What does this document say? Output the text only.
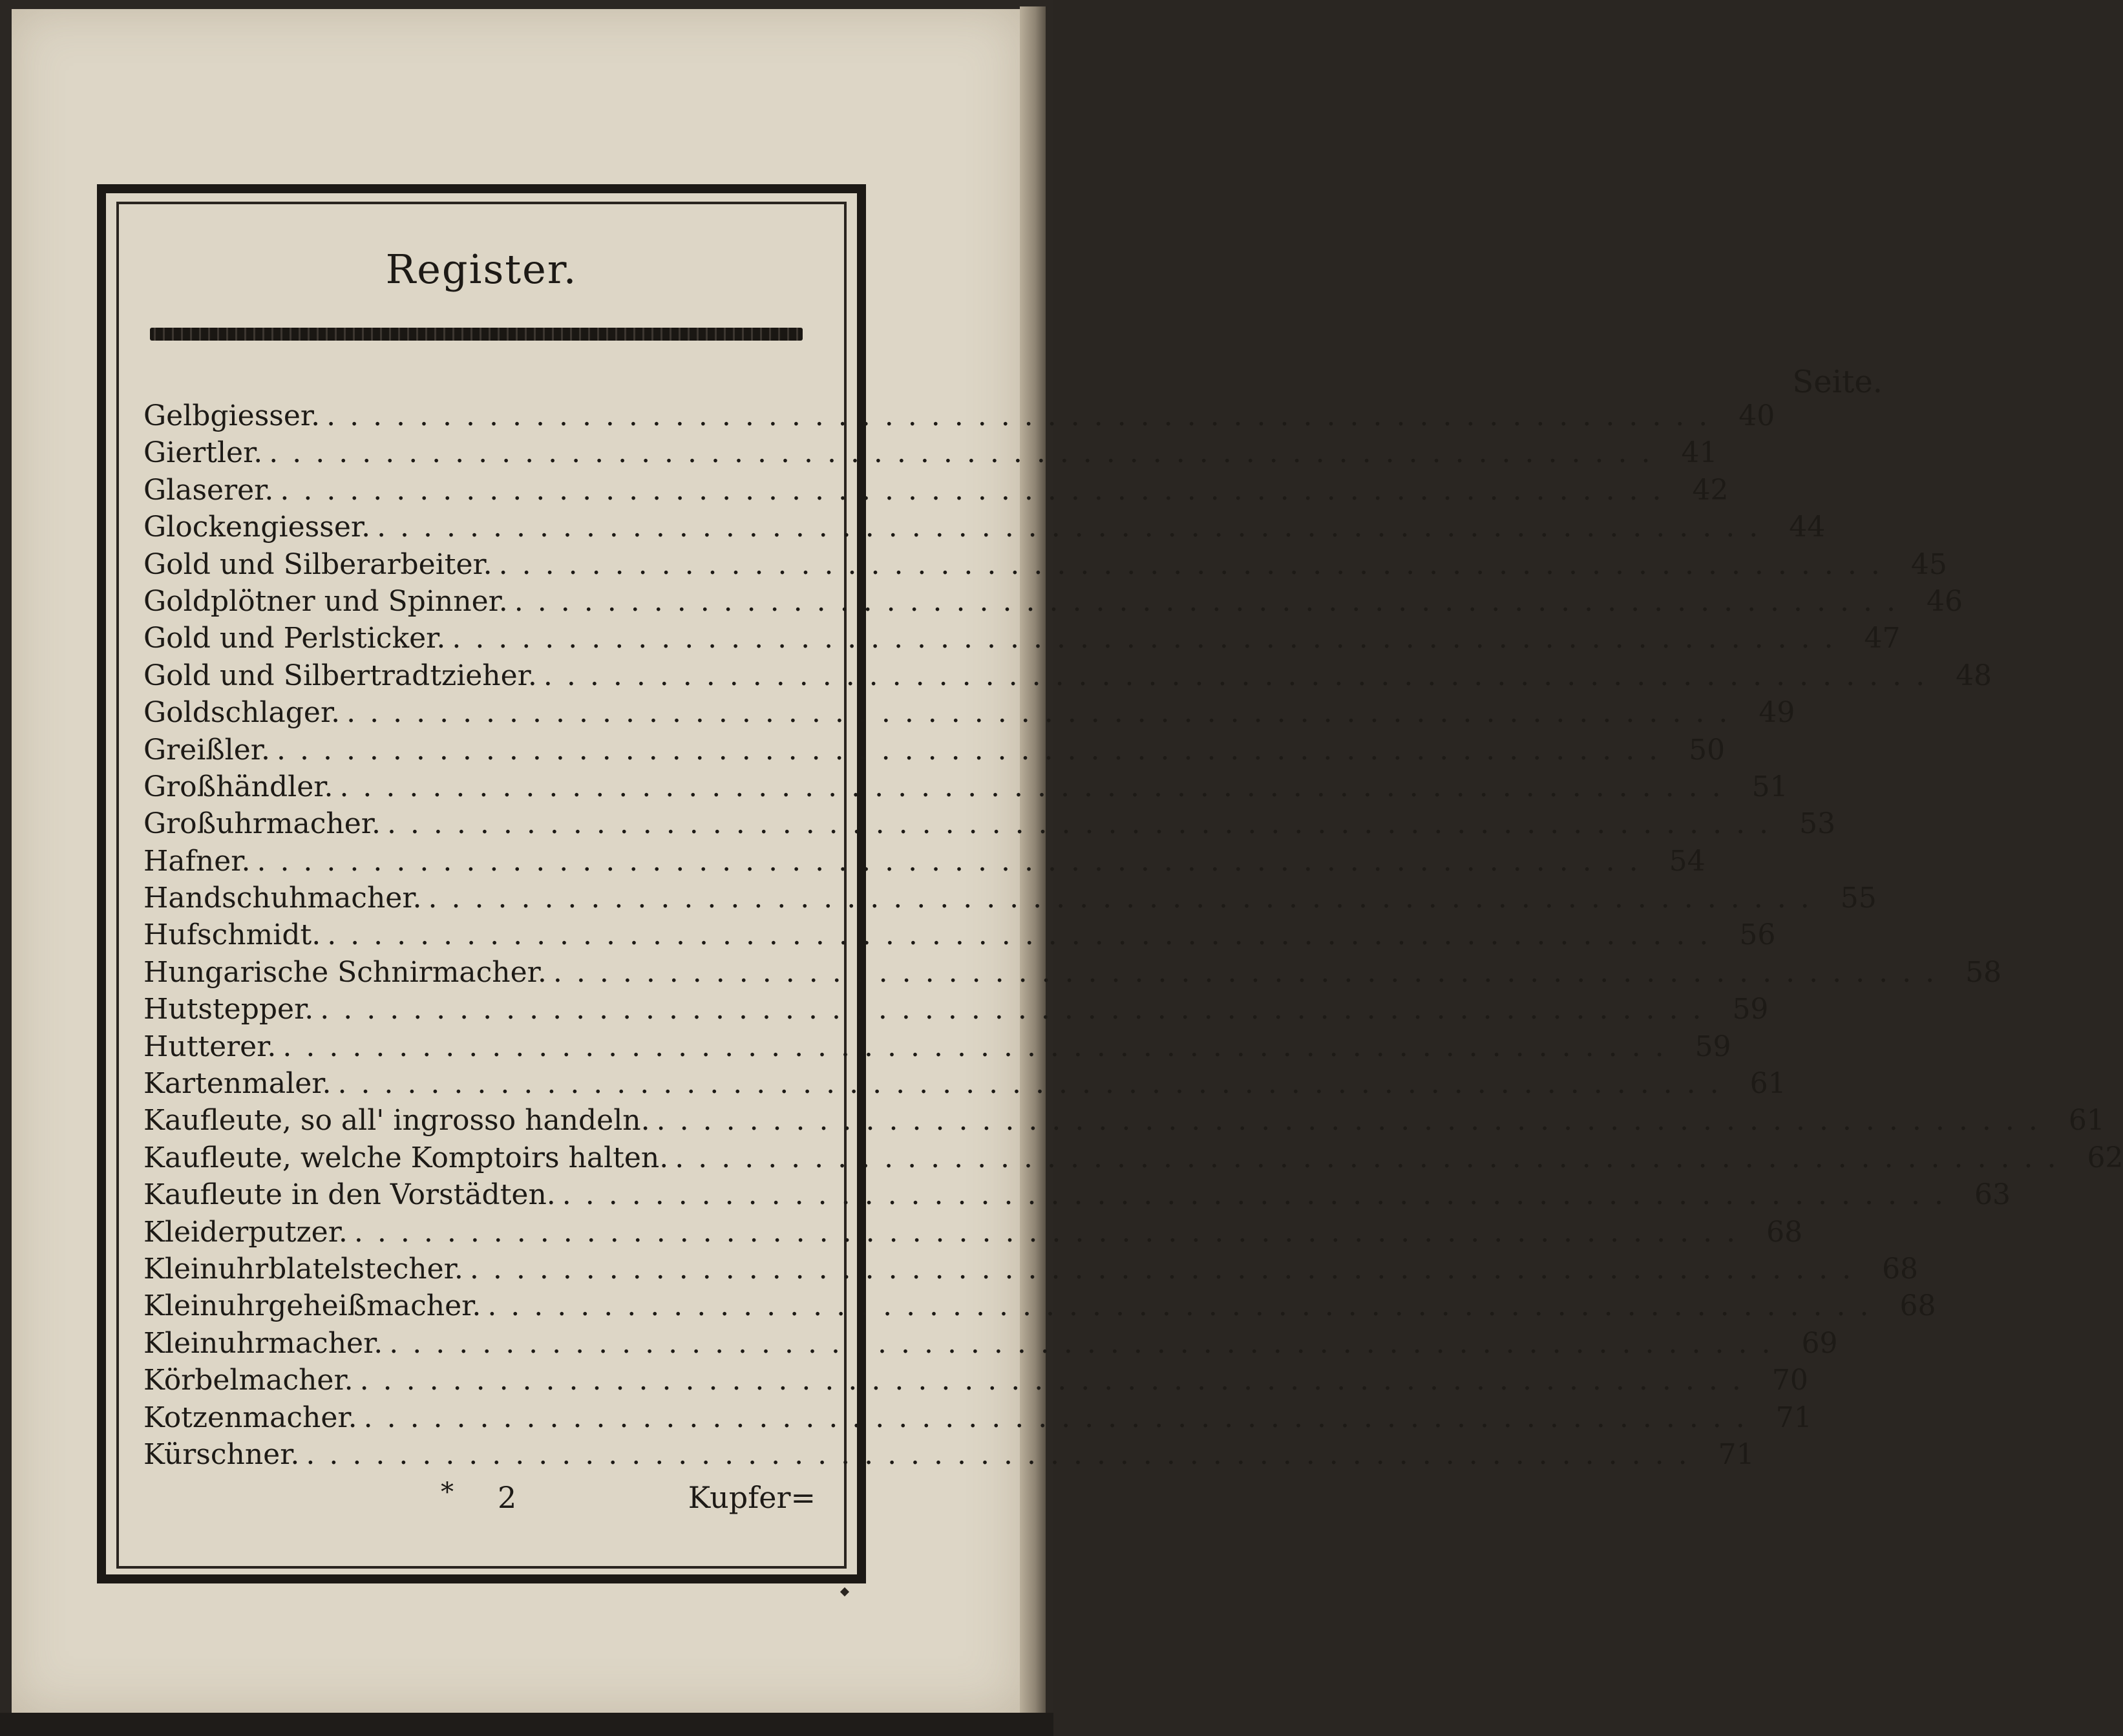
Register.
Seite.
Gelbgiesser. ............................................................ 40
Giertler. ............................................................ 41
Glaserer. ............................................................ 42
Glockengiesser. ............................................................ 44
Gold und Silberarbeiter. ............................................................ 45
Goldplötner und Spinner. ............................................................ 46
Gold und Perlsticker. ............................................................ 47
Gold und Silbertradtzieher. ............................................................ 48
Goldschlager. ............................................................ 49
Greißler. ............................................................ 50
Großhändler. ............................................................ 51
Großuhrmacher. ............................................................ 53
Hafner. ............................................................ 54
Handschuhmacher. ............................................................ 55
Hufschmidt. ............................................................ 56
Hungarische Schnirmacher. ............................................................ 58
Hutstepper. ............................................................ 59
Hutterer. ............................................................ 59
Kartenmaler. ............................................................ 61
Kaufleute, so all' ingrosso handeln. ............................................................ 61
Kaufleute, welche Komptoirs halten. ............................................................ 62
Kaufleute in den Vorstädten. ............................................................ 63
Kleiderputzer. ............................................................ 68
Kleinuhrblatelstecher. ............................................................ 68
Kleinuhrgeheißmacher. ............................................................ 68
Kleinuhrmacher. ............................................................ 69
Körbelmacher. ............................................................ 70
Kotzenmacher. ............................................................ 71
Kürschner. ............................................................ 71
* 2	Kupfer=
